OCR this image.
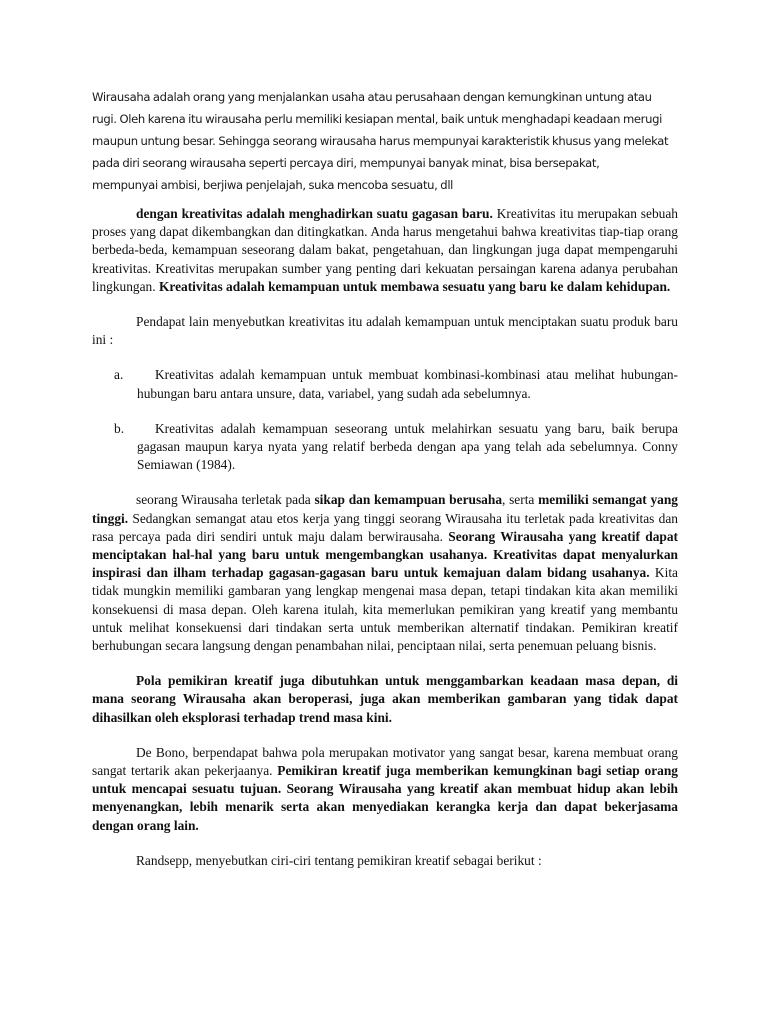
Wirausaha adalah orang yang menjalankan usaha atau perusahaan dengan kemungkinan untung atau
rugi. Oleh karena itu wirausaha perlu memiliki kesiapan mental, baik untuk menghadapi keadaan merugi
maupun untung besar. Sehingga seorang wirausaha harus mempunyai karakteristik khusus yang melekat
pada diri seorang wirausaha seperti percaya diri, mempunyai banyak minat, bisa bersepakat,
mempunyai ambisi, berjiwa penjelajah, suka mencoba sesuatu, dll

dengan kreativitas adalah menghadirkan suatu gagasan baru. Kreativitas itu merupakan sebuah proses yang dapat dikembangkan dan ditingkatkan. Anda harus mengetahui bahwa kreativitas tiap-tiap orang berbeda-beda, kemampuan seseorang dalam bakat, pengetahuan, dan lingkungan juga dapat mempengaruhi kreativitas. Kreativitas merupakan sumber yang penting dari kekuatan persaingan karena adanya perubahan lingkungan. Kreativitas adalah kemampuan untuk membawa sesuatu yang baru ke dalam kehidupan.

Pendapat lain menyebutkan kreativitas itu adalah kemampuan untuk menciptakan suatu produk baru ini :

a.	Kreativitas adalah kemampuan untuk membuat kombinasi-kombinasi atau melihat hubungan-hubungan baru antara unsure, data, variabel, yang sudah ada sebelumnya.
b.	Kreativitas adalah kemampuan seseorang untuk melahirkan sesuatu yang baru, baik berupa gagasan maupun karya nyata yang relatif berbeda dengan apa yang telah ada sebelumnya. Conny Semiawan (1984).

seorang Wirausaha terletak pada sikap dan kemampuan berusaha, serta memiliki semangat yang tinggi. Sedangkan semangat atau etos kerja yang tinggi seorang Wirausaha itu terletak pada kreativitas dan rasa percaya pada diri sendiri untuk maju dalam berwirausaha. Seorang Wirausaha yang kreatif dapat menciptakan hal-hal yang baru untuk mengembangkan usahanya. Kreativitas dapat menyalurkan inspirasi dan ilham terhadap gagasan-gagasan baru untuk kemajuan dalam bidang usahanya. Kita tidak mungkin memiliki gambaran yang lengkap mengenai masa depan, tetapi tindakan kita akan memiliki konsekuensi di masa depan. Oleh karena itulah, kita memerlukan pemikiran yang kreatif yang membantu untuk melihat konsekuensi dari tindakan serta untuk memberikan alternatif tindakan. Pemikiran kreatif berhubungan secara langsung dengan penambahan nilai, penciptaan nilai, serta penemuan peluang bisnis.

Pola pemikiran kreatif juga dibutuhkan untuk menggambarkan keadaan masa depan, di mana seorang Wirausaha akan beroperasi, juga akan memberikan gambaran yang tidak dapat dihasilkan oleh eksplorasi terhadap trend masa kini.

De Bono, berpendapat bahwa pola merupakan motivator yang sangat besar, karena membuat orang sangat tertarik akan pekerjaanya. Pemikiran kreatif juga memberikan kemungkinan bagi setiap orang untuk mencapai sesuatu tujuan. Seorang Wirausaha yang kreatif akan membuat hidup akan lebih menyenangkan, lebih menarik serta akan menyediakan kerangka kerja dan dapat bekerjasama dengan orang lain.

Randsepp, menyebutkan ciri-ciri tentang pemikiran kreatif sebagai berikut :
